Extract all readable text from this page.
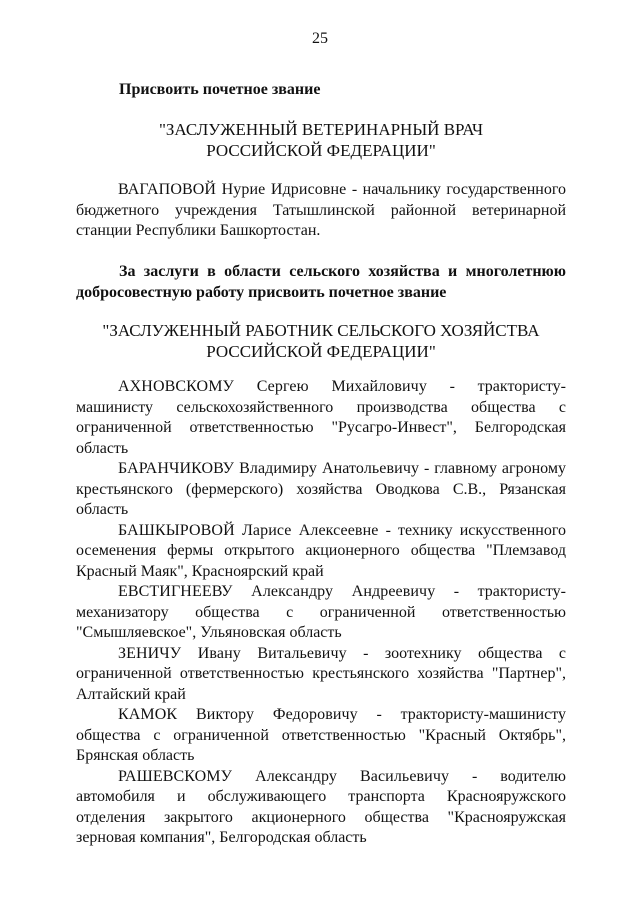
25
Присвоить почетное звание
"ЗАСЛУЖЕННЫЙ ВЕТЕРИНАРНЫЙ ВРАЧ
РОССИЙСКОЙ ФЕДЕРАЦИИ"

ВАГАПОВОЙ Нурие Идрисовне - начальнику государственного бюджетного учреждения Татышлинской районной ветеринарной станции Республики Башкортостан.

За заслуги в области сельского хозяйства и многолетнюю добросовестную работу присвоить почетное звание
"ЗАСЛУЖЕННЫЙ РАБОТНИК СЕЛЬСКОГО ХОЗЯЙСТВА
РОССИЙСКОЙ ФЕДЕРАЦИИ"

АХНОВСКОМУ Сергею Михайловичу - трактористу-машинисту сельскохозяйственного производства общества с ограниченной ответственностью "Русагро-Инвест", Белгородская область

БАРАНЧИКОВУ Владимиру Анатольевичу - главному агроному крестьянского (фермерского) хозяйства Оводкова С.В., Рязанская область

БАШКЫРОВОЙ Ларисе Алексеевне - технику искусственного осеменения фермы открытого акционерного общества "Племзавод Красный Маяк", Красноярский край

ЕВСТИГНЕЕВУ Александру Андреевичу - трактористу-механизатору общества с ограниченной ответственностью "Смышляевское", Ульяновская область

ЗЕНИЧУ Ивану Витальевичу - зоотехнику общества с ограниченной ответственностью крестьянского хозяйства "Партнер", Алтайский край

КАМОК Виктору Федоровичу - трактористу-машинисту общества с ограниченной ответственностью "Красный Октябрь", Брянская область

РАШЕВСКОМУ Александру Васильевичу - водителю автомобиля и обслуживающего транспорта Краснояружского отделения закрытого акционерного общества "Краснояружская зерновая компания", Белгородская область
